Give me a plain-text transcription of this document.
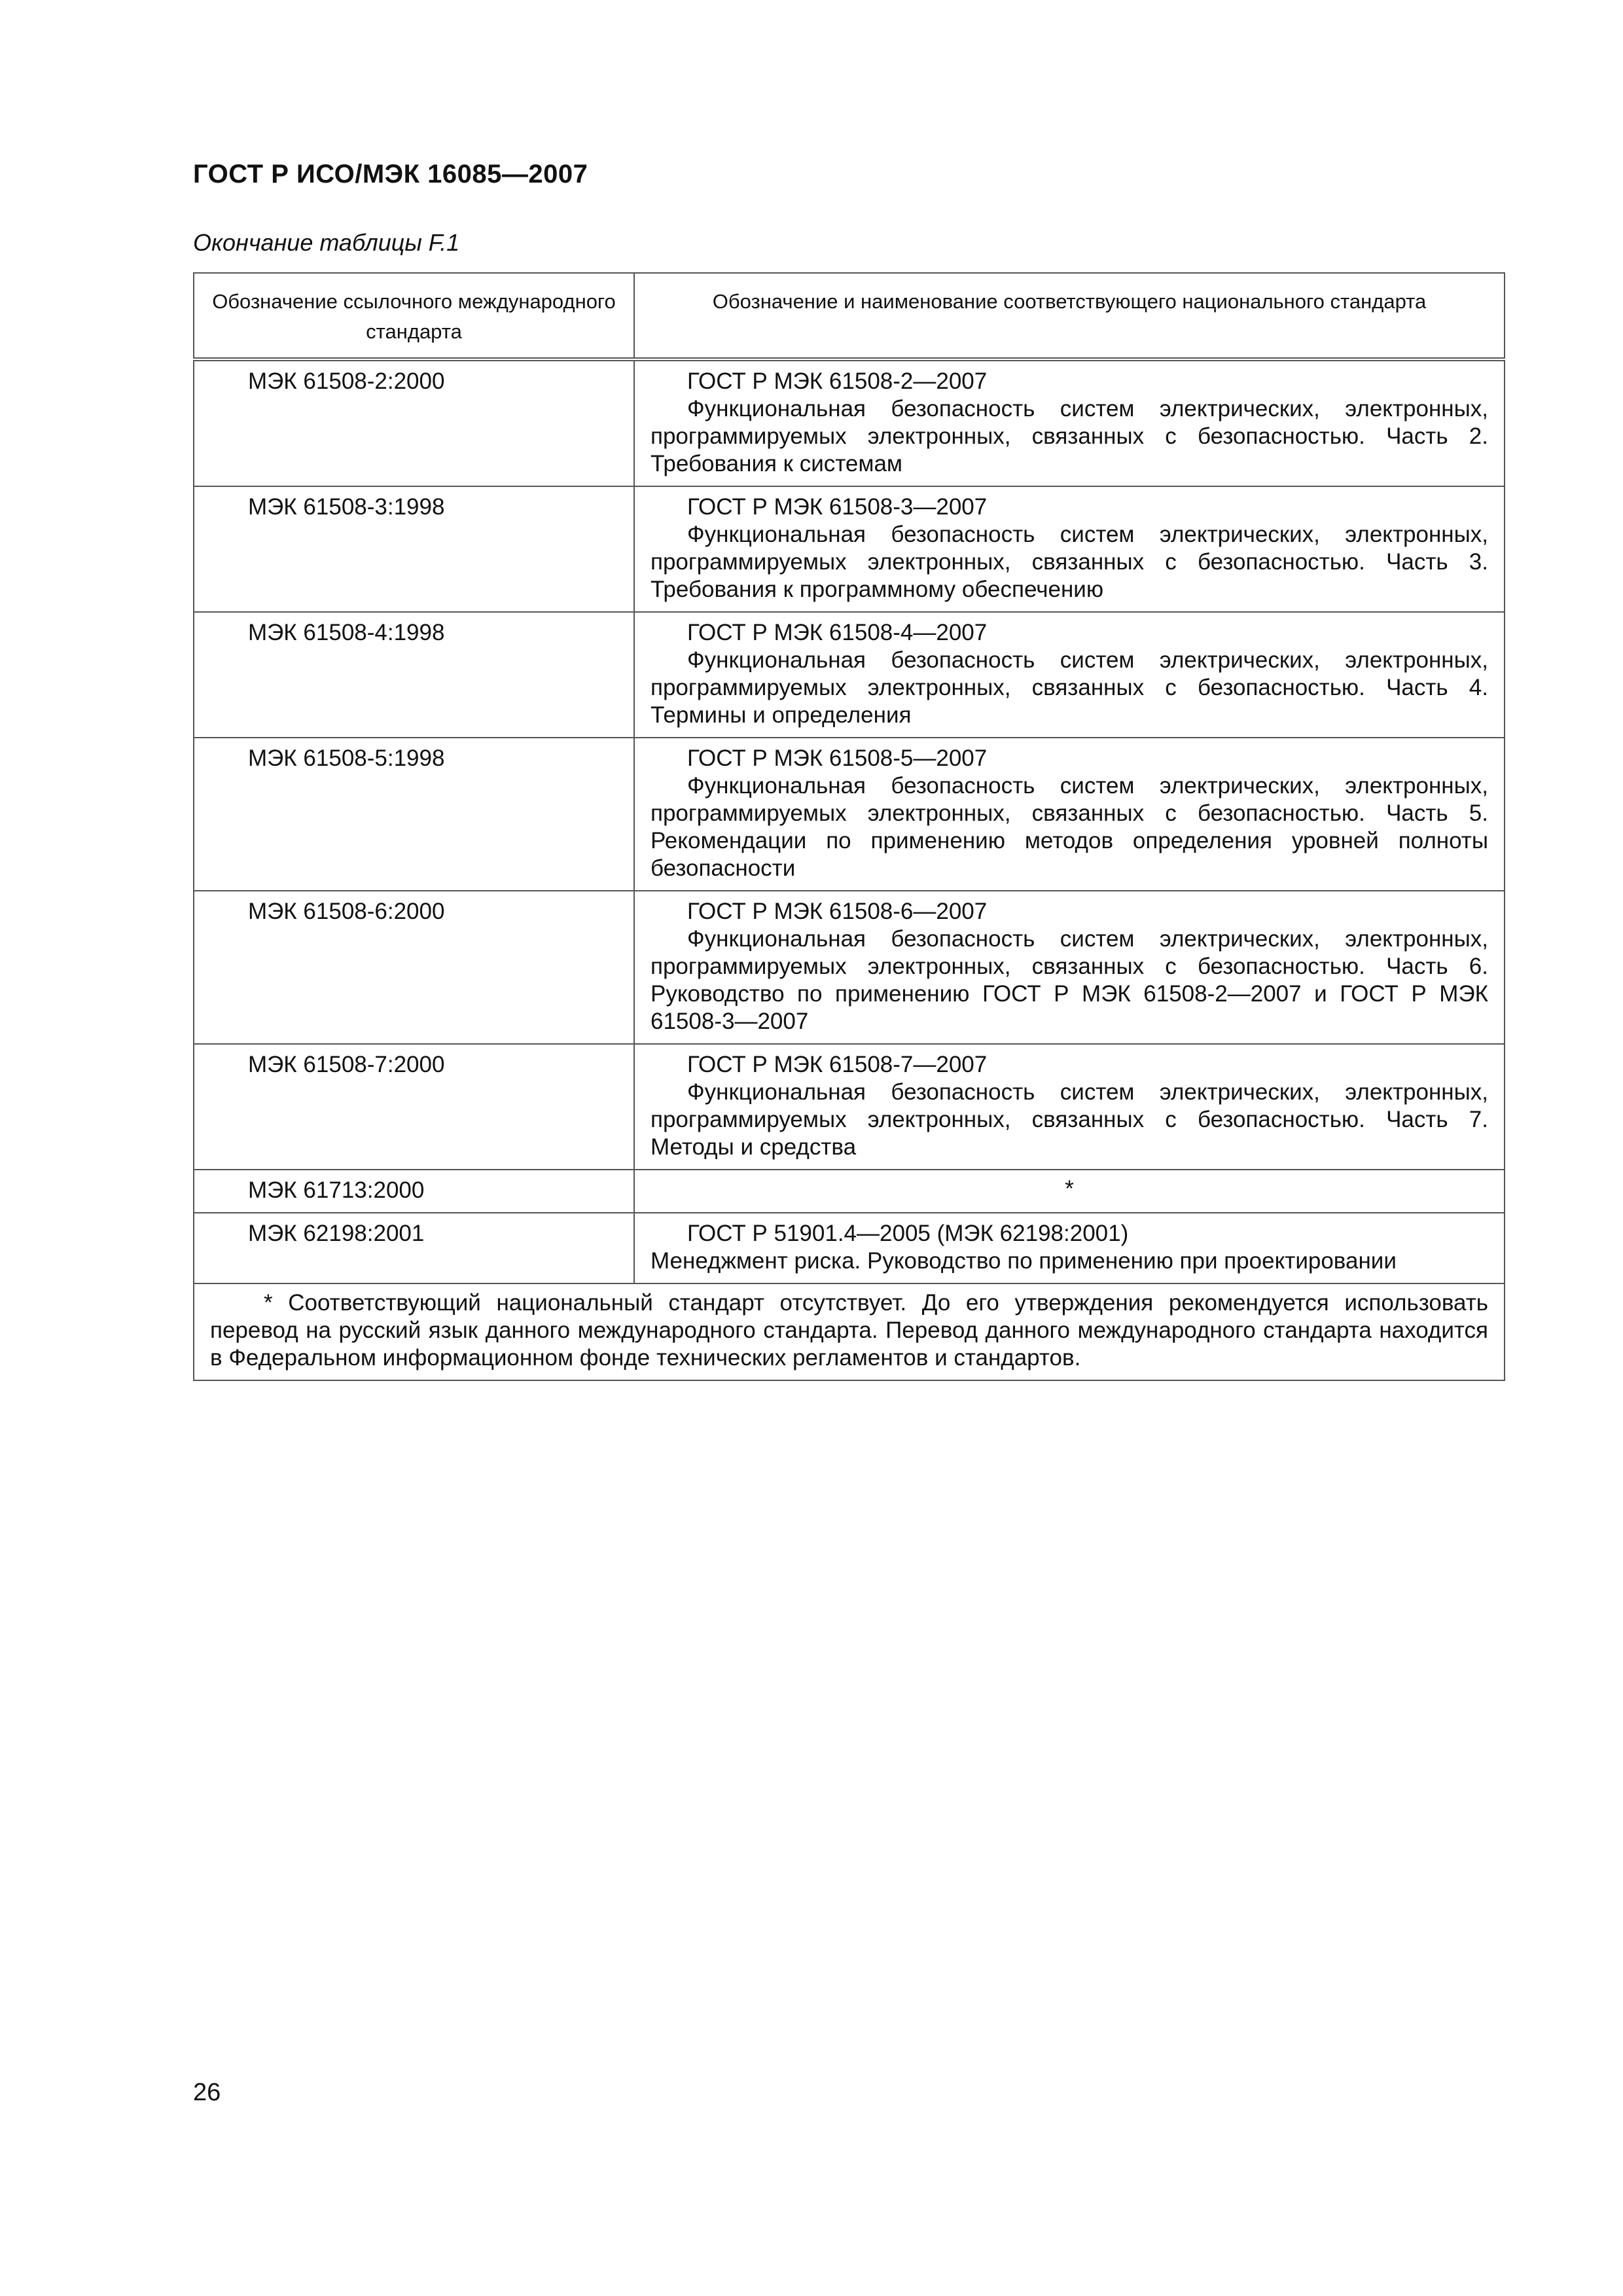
ГОСТ Р ИСО/МЭК 16085—2007
Окончание таблицы F.1
Обозначение ссылочного международного стандарта	Обозначение и наименование соответствующего национального стандарта
МЭК 61508-2:2000	ГОСТ Р МЭК 61508-2—2007
Функциональная безопасность систем электрических, электронных, программируемых электронных, связанных с безопасностью. Часть 2. Требования к системам

МЭК 61508-3:1998	ГОСТ Р МЭК 61508-3—2007
Функциональная безопасность систем электрических, электронных, программируемых электронных, связанных с безопасностью. Часть 3. Требования к программному обеспечению

МЭК 61508-4:1998	ГОСТ Р МЭК 61508-4—2007
Функциональная безопасность систем электрических, электронных, программируемых электронных, связанных с безопасностью. Часть 4. Термины и определения

МЭК 61508-5:1998	ГОСТ Р МЭК 61508-5—2007
Функциональная безопасность систем электрических, электронных, программируемых электронных, связанных с безопасностью. Часть 5. Рекомендации по применению методов определения уровней полноты безопасности

МЭК 61508-6:2000	ГОСТ Р МЭК 61508-6—2007
Функциональная безопасность систем электрических, электронных, программируемых электронных, связанных с безопасностью. Часть 6. Руководство по применению ГОСТ Р МЭК 61508-2—2007 и ГОСТ Р МЭК 61508-3—2007

МЭК 61508-7:2000	ГОСТ Р МЭК 61508-7—2007
Функциональная безопасность систем электрических, электронных, программируемых электронных, связанных с безопасностью. Часть 7. Методы и средства

МЭК 61713:2000	*
МЭК 62198:2001	ГОСТ Р 51901.4—2005 (МЭК 62198:2001)
Менеджмент риска. Руководство по применению при проектировании

* Соответствующий национальный стандарт отсутствует. До его утверждения рекомендуется использовать перевод на русский язык данного международного стандарта. Перевод данного международного стандарта находится в Федеральном информационном фонде технических регламентов и стандартов.	
26
